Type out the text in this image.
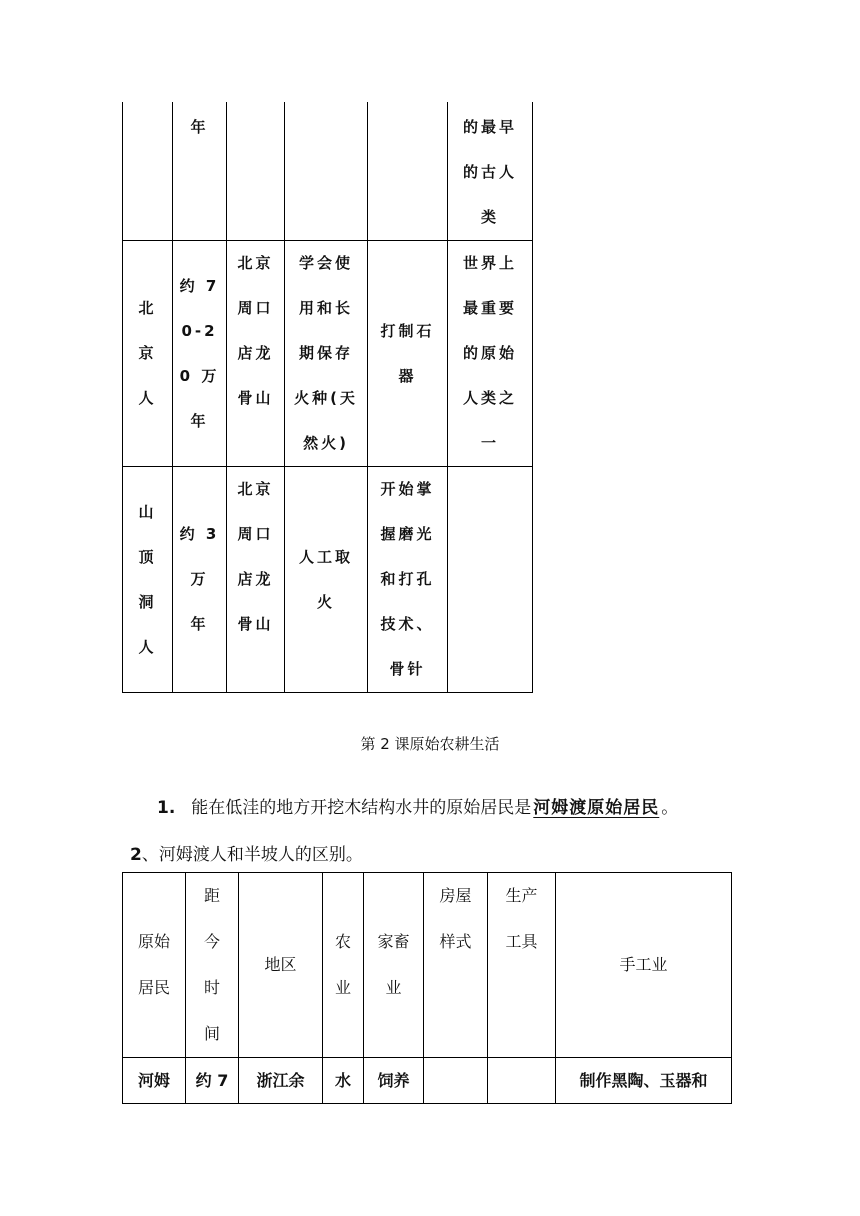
	年				的最早
的古人
类
北
京
人	约 7
0-2
0 万
年	北京
周口
店龙
骨山	学会使
用和长
期保存
火种(天
然火)	打制石
器	世界上
最重要
的原始
人类之
一
山
顶
洞
人	约 3
万
年	北京
周口
店龙
骨山	人工取
火	开始掌
握磨光
和打孔
技术、
骨针	
第 2 课原始农耕生活
1. 能在低洼的地方开挖木结构水井的原始居民是 河姆渡原始居民 。
2、河姆渡人和半坡人的区别。
原始
居民	距
今
时
间	地区	农
业	家畜
业	房屋
样式	生产
工具	手工业
河姆	约 7	浙江余	水	饲养			制作黑陶、玉器和
